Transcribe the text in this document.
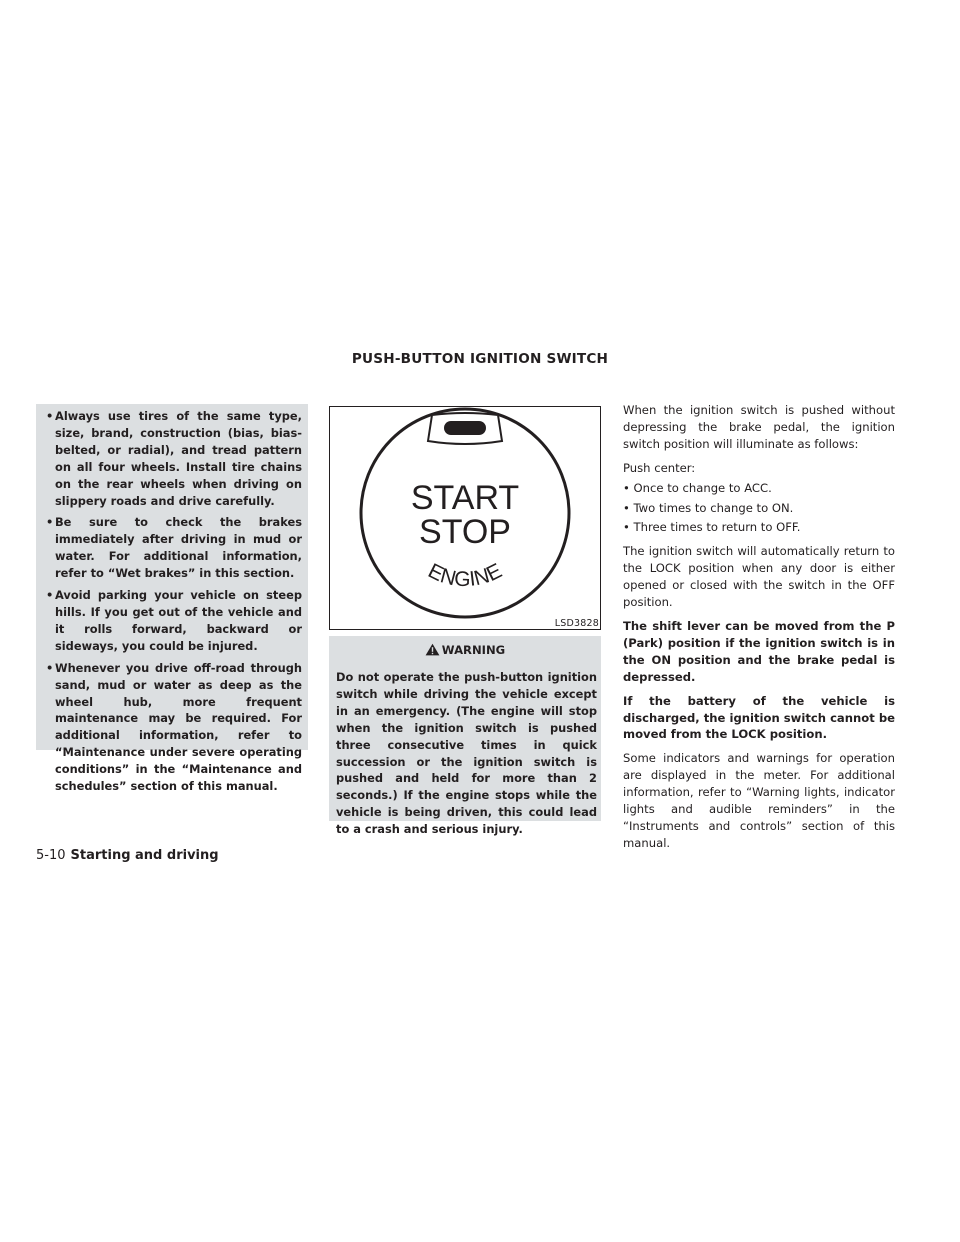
PUSH-BUTTON IGNITION SWITCH
• Always use tires of the same type, size, brand, construction (bias, bias-belted, or radial), and tread pattern on all four wheels. Install tire chains on the rear wheels when driving on slippery roads and drive carefully.
• Be sure to check the brakes immediately after driving in mud or water. For additional information, refer to “Wet brakes” in this section.
• Avoid parking your vehicle on steep hills. If you get out of the vehicle and it rolls forward, backward or sideways, you could be injured.
• Whenever you drive off-road through sand, mud or water as deep as the wheel hub, more frequent maintenance may be required. For additional information, refer to “Maintenance under severe operating conditions” in the “Maintenance and schedules” section of this manual.
START
STOP
ENGINE
LSD3828
WARNING
Do not operate the push-button ignition switch while driving the vehicle except in an emergency. (The engine will stop when the ignition switch is pushed three consecutive times in quick succession or the ignition switch is pushed and held for more than 2 seconds.) If the engine stops while the vehicle is being driven, this could lead to a crash and serious injury.

When the ignition switch is pushed without depressing the brake pedal, the ignition switch position will illuminate as follows:

Push center:

• Once to change to ACC.

• Two times to change to ON.

• Three times to return to OFF.

The ignition switch will automatically return to the LOCK position when any door is either opened or closed with the switch in the OFF position.

The shift lever can be moved from the P (Park) position if the ignition switch is in the ON position and the brake pedal is depressed.

If the battery of the vehicle is discharged, the ignition switch cannot be moved from the LOCK position.

Some indicators and warnings for operation are displayed in the meter. For additional information, refer to “Warning lights, indicator lights and audible reminders” in the “Instruments and controls” section of this manual.

5-10 Starting and driving
